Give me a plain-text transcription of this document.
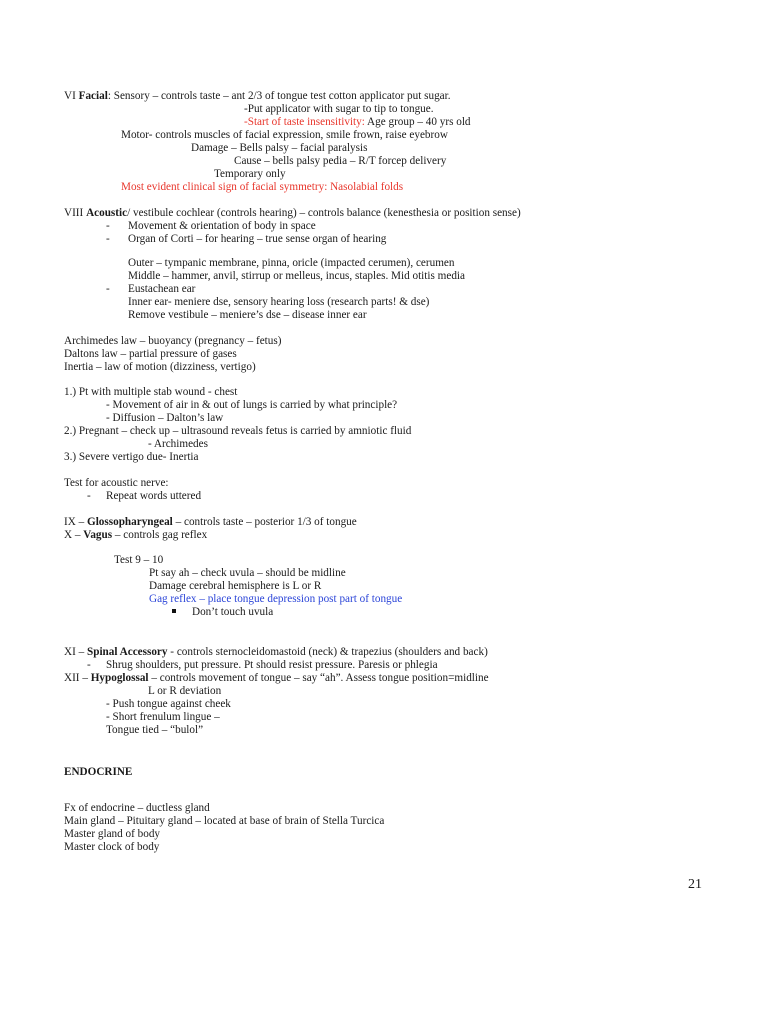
VI Facial: Sensory – controls taste – ant 2/3 of tongue test cotton applicator put sugar.
-Put applicator with sugar to tip to tongue.
-Start of taste insensitivity: Age group – 40 yrs old
Motor- controls muscles of facial expression, smile frown, raise eyebrow
Damage – Bells palsy – facial paralysis
Cause – bells palsy pedia – R/T forcep delivery
Temporary only
Most evident clinical sign of facial symmetry: Nasolabial folds
VIII Acoustic/ vestibule cochlear (controls hearing) – controls balance (kenesthesia or position sense)
- Movement & orientation of body in space
- Organ of Corti – for hearing – true sense organ of hearing
Outer – tympanic membrane, pinna, oricle (impacted cerumen), cerumen
Middle – hammer, anvil, stirrup or melleus, incus, staples. Mid otitis media
- Eustachean ear
Inner ear- meniere dse, sensory hearing loss (research parts! & dse)
Remove vestibule – meniere’s dse – disease inner ear
Archimedes law – buoyancy (pregnancy – fetus)
Daltons law – partial pressure of gases
Inertia – law of motion (dizziness, vertigo)
1.) Pt with multiple stab wound - chest
- Movement of air in & out of lungs is carried by what principle?
- Diffusion – Dalton’s law
2.) Pregnant – check up – ultrasound reveals fetus is carried by amniotic fluid
- Archimedes
3.) Severe vertigo due- Inertia
Test for acoustic nerve:
- Repeat words uttered
IX – Glossopharyngeal – controls taste – posterior 1/3 of tongue
X – Vagus – controls gag reflex
Test 9 – 10
Pt say ah – check uvula – should be midline
Damage cerebral hemisphere is L or R
Gag reflex – place tongue depression post part of tongue
Don’t touch uvula
XI – Spinal Accessory - controls sternocleidomastoid (neck) & trapezius (shoulders and back)
- Shrug shoulders, put pressure. Pt should resist pressure. Paresis or phlegia
XII – Hypoglossal – controls movement of tongue – say “ah”. Assess tongue position=midline
L or R deviation
- Push tongue against cheek
- Short frenulum lingue –
Tongue tied – “bulol”
ENDOCRINE
Fx of endocrine – ductless gland
Main gland – Pituitary gland – located at base of brain of Stella Turcica
Master gland of body
Master clock of body
21
